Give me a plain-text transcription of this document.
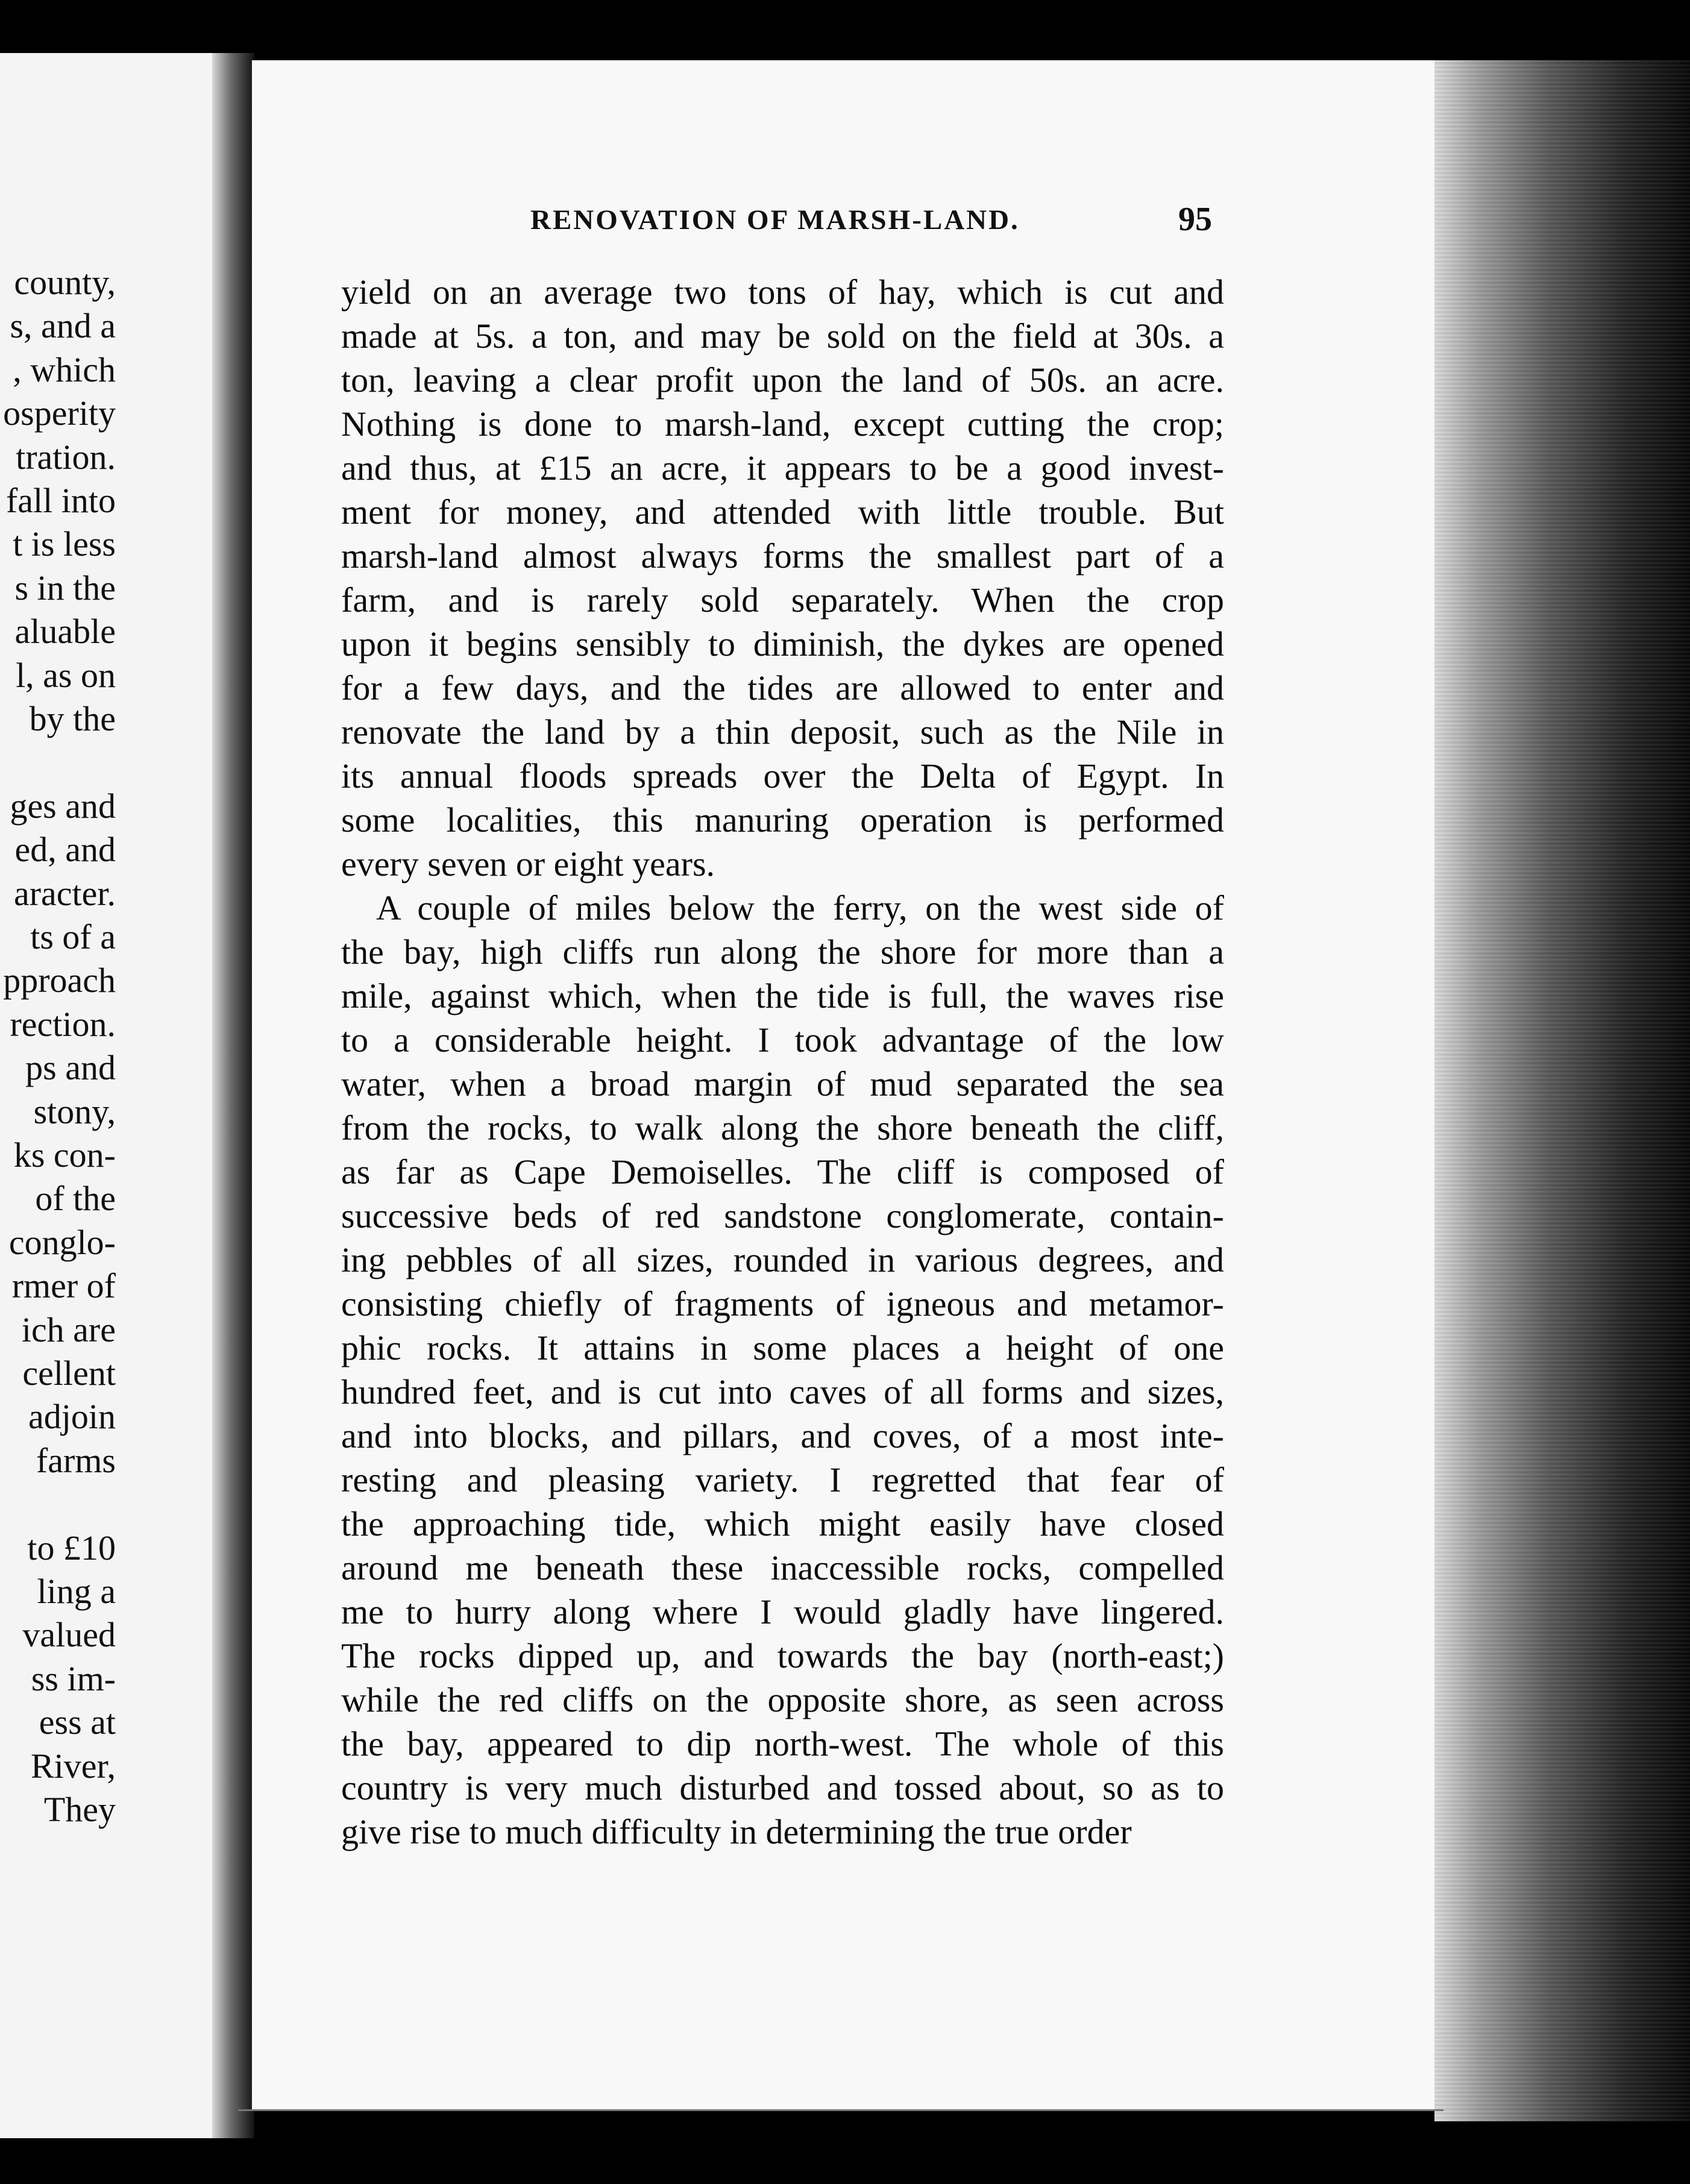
county,
s, and a
, which
osperity
tration.
fall into
t is less
s in the
aluable
l, as on
by the
ges and
ed, and
aracter.
ts of a
pproach
rection.
ps and
stony,
ks con-
of the
conglo-
rmer of
ich are
cellent
adjoin
farms
to £10
ling a
valued
ss im-
ess at
River,
They
RENOVATION OF MARSH-LAND.	95
yield on an average two tons of hay, which is cut and
made at 5s. a ton, and may be sold on the field at 30s. a
ton, leaving a clear profit upon the land of 50s. an acre.
Nothing is done to marsh-land, except cutting the crop;
and thus, at £15 an acre, it appears to be a good invest-
ment for money, and attended with little trouble. But
marsh-land almost always forms the smallest part of a
farm, and is rarely sold separately. When the crop
upon it begins sensibly to diminish, the dykes are opened
for a few days, and the tides are allowed to enter and
renovate the land by a thin deposit, such as the Nile in
its annual floods spreads over the Delta of Egypt. In
some localities, this manuring operation is performed
every seven or eight years.
A couple of miles below the ferry, on the west side of
the bay, high cliffs run along the shore for more than a
mile, against which, when the tide is full, the waves rise
to a considerable height. I took advantage of the low
water, when a broad margin of mud separated the sea
from the rocks, to walk along the shore beneath the cliff,
as far as Cape Demoiselles. The cliff is composed of
successive beds of red sandstone conglomerate, contain-
ing pebbles of all sizes, rounded in various degrees, and
consisting chiefly of fragments of igneous and metamor-
phic rocks. It attains in some places a height of one
hundred feet, and is cut into caves of all forms and sizes,
and into blocks, and pillars, and coves, of a most inte-
resting and pleasing variety. I regretted that fear of
the approaching tide, which might easily have closed
around me beneath these inaccessible rocks, compelled
me to hurry along where I would gladly have lingered.
The rocks dipped up, and towards the bay (north-east;)
while the red cliffs on the opposite shore, as seen across
the bay, appeared to dip north-west. The whole of this
country is very much disturbed and tossed about, so as to
give rise to much difficulty in determining the true order
